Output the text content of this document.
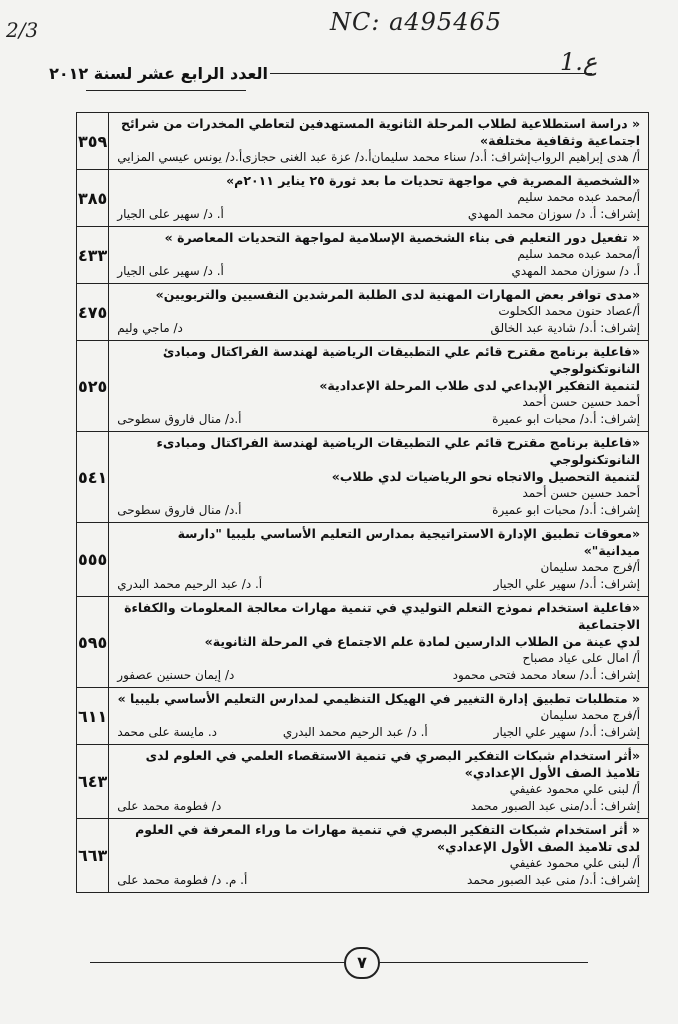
2/3	NC: a495465
1.ع
العدد الرابع عشر لسنة ٢٠١٢
« دراسة استطلاعية لطلاب المرحلة الثانوية المستهدفين لتعاطي المخدرات من شرائح اجتماعية وثقافية مختلفة»
أ/ هدى إبراهيم الرواب
إشراف: أ.د/ سناء محمد سليمان
أ.د/ عزة عبد الغنى حجازى
أ.د/ يونس عيسي المزايي	٣٥٩

«الشخصية المصرية في مواجهة تحديات ما بعد ثورة ٢٥ يناير ٢٠١١م»
أ/محمد عبده محمد سليم
إشراف: أ. د/ سوزان محمد المهدي
أ. د/ سهير على الجيار	٣٨٥

« تفعيل دور التعليم فى بناء الشخصية الإسلامية لمواجهة التحديات المعاصرة »
أ/محمد عبده محمد سليم
أ. د/ سوزان محمد المهدي
أ. د/ سهير على الجيار	٤٣٣

«مدى توافر بعض المهارات المهنية لدى الطلبة المرشدين النفسيين والتربويين»
أ/عصاد حنون محمد الكحلوت
إشراف: أ.د/ شادية عبد الخالق
د/ ماجي وليم	٤٧٥

«فاعلية برنامج مقترح قائم علي التطبيقات الرياضية لهندسة الفراكتال ومبادئ النانوتكنولوجي
لتنمية التفكير الإبداعي لدى طلاب المرحلة الإعدادية»
أحمد حسين حسن أحمد
إشراف: أ.د/ محبات ابو عميرة
أ.د/ منال فاروق سطوحى	٥٢٥

«فاعلية برنامج مقترح قائم علي التطبيقات الرياضية لهندسة الفراكتال ومبادىء النانوتكنولوجي
لتنمية التحصيل والاتجاه نحو الرياضيات لدي طلاب»
أحمد حسين حسن أحمد
إشراف: أ.د/ محبات ابو عميرة
أ.د/ منال فاروق سطوحى	٥٤١

«معوقات تطبيق الإدارة الاستراتيجية بمدارس التعليم الأساسي بليبيا "دارسة ميدانية"»
أ/فرج محمد سليمان
إشراف: أ.د/ سهير علي الجيار
أ. د/ عبد الرحيم محمد البدري	٥٥٥

«فاعلية استخدام نموذج التعلم التوليدي في تنمية مهارات معالجة المعلومات والكفاءة الاجتماعية
لدي عينة من الطلاب الدارسين لمادة علم الاجتماع في المرحلة الثانوية»
أ/ امال على عياد مصباح
إشراف: أ.د/ سعاد محمد فتحى محمود
د/ إيمان حسنين عصفور	٥٩٥

« متطلبات تطبيق إدارة التغيير في الهيكل التنظيمي لمدارس التعليم الأساسي بليبيا »
أ/فرج محمد سليمان
إشراف: أ.د/ سهير علي الجيار
أ. د/ عبد الرحيم محمد البدري
د. مايسة على محمد	٦١١

«أثر استخدام شبكات التفكير البصري في تنمية الاستقصاء العلمي في العلوم لدى تلاميذ الصف الأول الإعدادي»
أ/ لبنى علي محمود عفيفي
إشراف: أ.د/منى عبد الصبور محمد
د/ فطومة محمد على	٦٤٣

« أثر استخدام شبكات التفكير البصري في تنمية مهارات ما وراء المعرفة في العلوم لدى تلاميذ الصف الأول الإعدادي»
أ/ لبنى علي محمود عفيفي
إشراف: أ.د/ منى عبد الصبور محمد
أ. م. د/ فطومة محمد على	٦٦٣
٧
